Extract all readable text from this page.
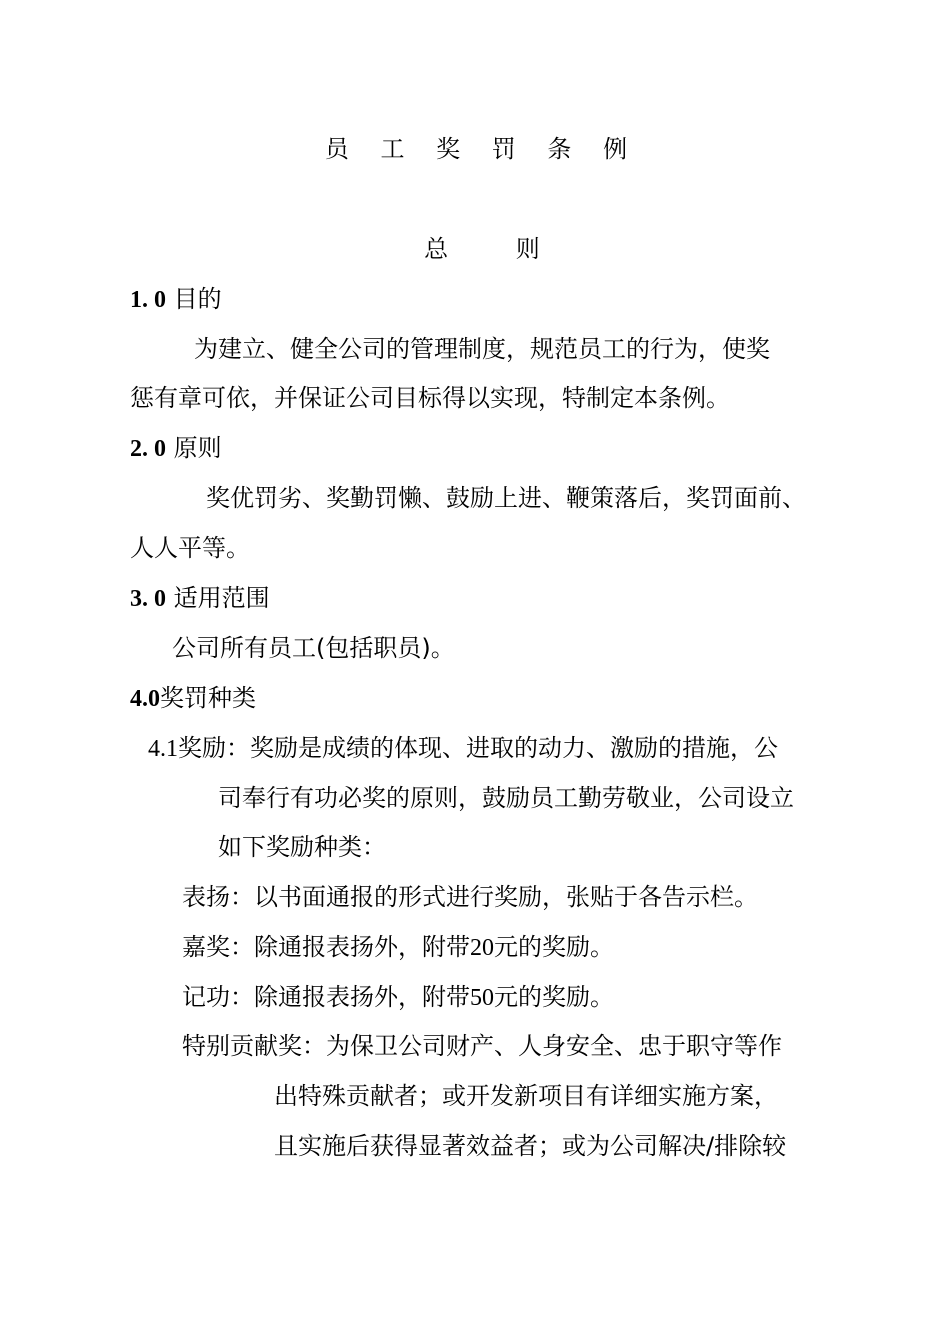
员 工 奖 罚 条 例
总 则
1. 0 目的
为建立、健全公司的管理制度，规范员工的行为，使奖
惩有章可依，并保证公司目标得以实现，特制定本条例。
2. 0 原则
奖优罚劣、奖勤罚懒、鼓励上进、鞭策落后，奖罚面前、
人人平等。
3. 0 适用范围
公司所有员工(包括职员)。
4.0奖罚种类
4.1奖励：奖励是成绩的体现、进取的动力、激励的措施，公
司奉行有功必奖的原则，鼓励员工勤劳敬业，公司设立
如下奖励种类：
表扬：以书面通报的形式进行奖励，张贴于各告示栏。
嘉奖：除通报表扬外，附带20元的奖励。
记功：除通报表扬外，附带50元的奖励。
特别贡献奖：为保卫公司财产、人身安全、忠于职守等作
出特殊贡献者；或开发新项目有详细实施方案，
且实施后获得显著效益者；或为公司解决/排除较
